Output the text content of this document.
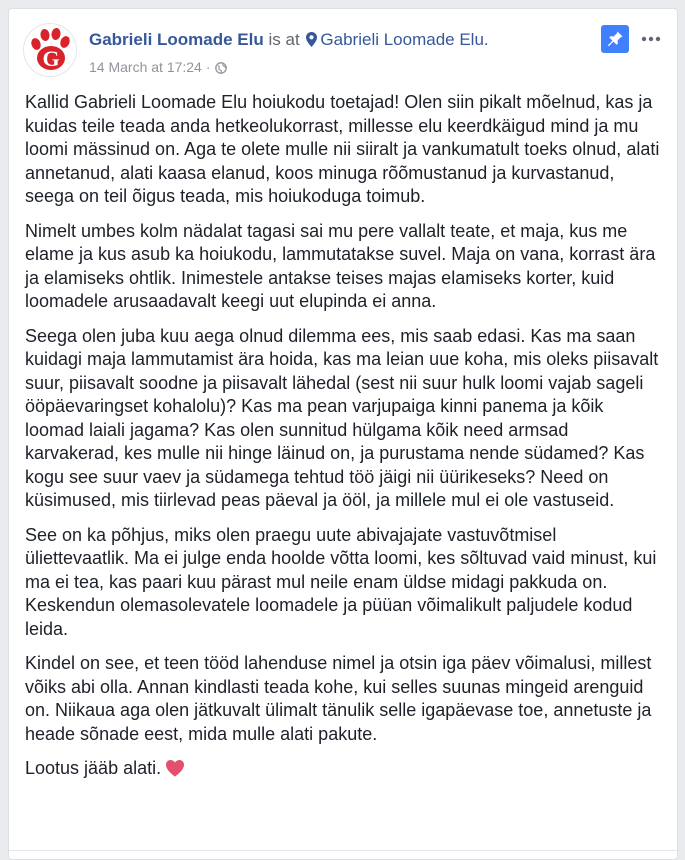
G
Gabrieli Loomade Elu is at Gabrieli Loomade Elu.
14 March at 17:24 ·

Kallid Gabrieli Loomade Elu hoiukodu toetajad! Olen siin pikalt mõelnud, kas ja kuidas teile teada anda hetkeolukorrast, millesse elu keerdkäigud mind ja mu loomi mässinud on. Aga te olete mulle nii siiralt ja vankumatult toeks olnud, alati annetanud, alati kaasa elanud, koos minuga rõõmustanud ja kurvastanud, seega on teil õigus teada, mis hoiukoduga toimub.

Nimelt umbes kolm nädalat tagasi sai mu pere vallalt teate, et maja, kus me elame ja kus asub ka hoiukodu, lammutatakse suvel. Maja on vana, korrast ära ja elamiseks ohtlik. Inimestele antakse teises majas elamiseks korter, kuid loomadele arusaadavalt keegi uut elupinda ei anna.

Seega olen juba kuu aega olnud dilemma ees, mis saab edasi. Kas ma saan kuidagi maja lammutamist ära hoida, kas ma leian uue koha, mis oleks piisavalt suur, piisavalt soodne ja piisavalt lähedal (sest nii suur hulk loomi vajab sageli ööpäevaringset kohalolu)? Kas ma pean varjupaiga kinni panema ja kõik loomad laiali jagama? Kas olen sunnitud hülgama kõik need armsad karvakerad, kes mulle nii hinge läinud on, ja purustama nende südamed? Kas kogu see suur vaev ja südamega tehtud töö jäigi nii üürikeseks? Need on küsimused, mis tiirlevad peas päeval ja ööl, ja millele mul ei ole vastuseid.

See on ka põhjus, miks olen praegu uute abivajajate vastuvõtmisel üliettevaatlik. Ma ei julge enda hoolde võtta loomi, kes sõltuvad vaid minust, kui ma ei tea, kas paari kuu pärast mul neile enam üldse midagi pakkuda on. Keskendun olemasolevatele loomadele ja püüan võimalikult paljudele kodud leida.

Kindel on see, et teen tööd lahenduse nimel ja otsin iga päev võimalusi, millest võiks abi olla. Annan kindlasti teada kohe, kui selles suunas mingeid arenguid on. Niikaua aga olen jätkuvalt ülimalt tänulik selle igapäevase toe, annetuste ja heade sõnade eest, mida mulle alati pakute.

Lootus jääb alati.
